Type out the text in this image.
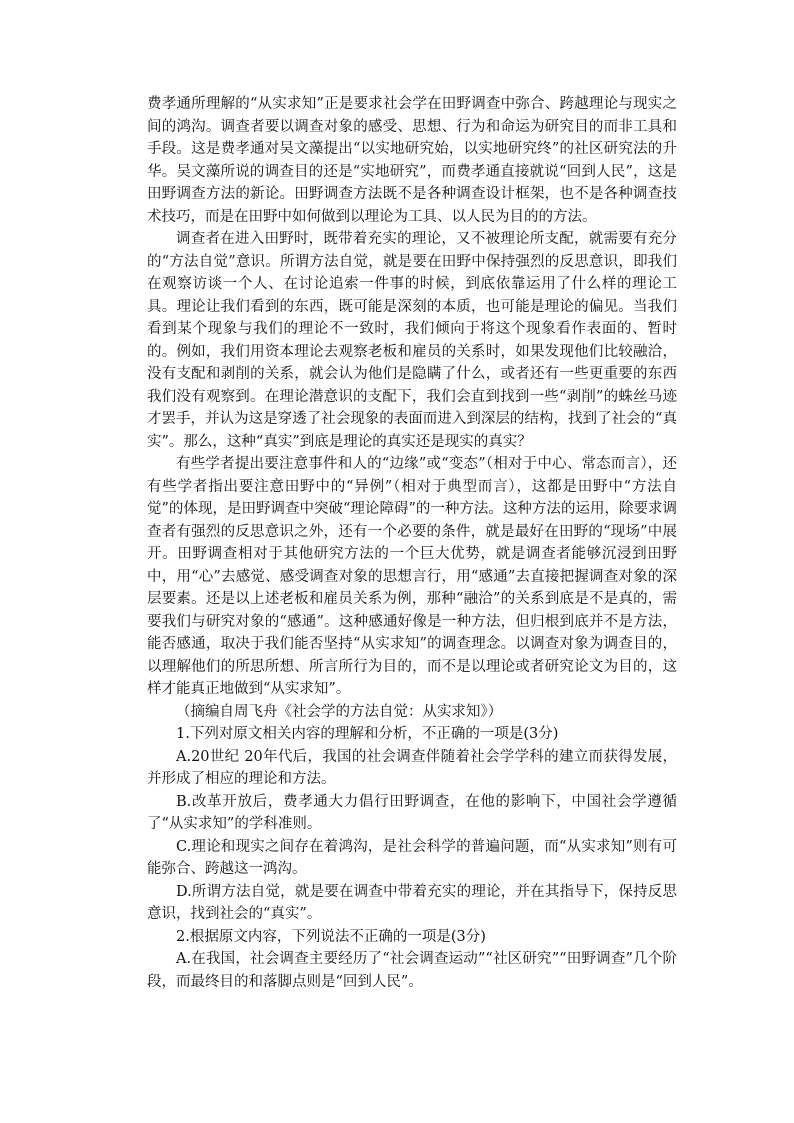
费孝通所理解的“从实求知”正是要求社会学在田野调查中弥合、跨越理论与现实之间的鸿沟。调查者要以调查对象的感受、思想、行为和命运为研究目的而非工具和手段。这是费孝通对吴文藻提出“以实地研究始，以实地研究终”的社区研究法的升华。吴文藻所说的调查目的还是“实地研究”，而费孝通直接就说“回到人民”，这是田野调查方法的新论。田野调查方法既不是各种调查设计框架，也不是各种调查技术技巧，而是在田野中如何做到以理论为工具、以人民为目的的方法。

调查者在进入田野时，既带着充实的理论，又不被理论所支配，就需要有充分的“方法自觉”意识。所谓方法自觉，就是要在田野中保持强烈的反思意识，即我们在观察访谈一个人、在讨论追索一件事的时候，到底依靠运用了什么样的理论工具。理论让我们看到的东西，既可能是深刻的本质，也可能是理论的偏见。当我们看到某个现象与我们的理论不一致时，我们倾向于将这个现象看作表面的、暂时的。例如，我们用资本理论去观察老板和雇员的关系时，如果发现他们比较融洽，没有支配和剥削的关系，就会认为他们是隐瞒了什么，或者还有一些更重要的东西我们没有观察到。在理论潜意识的支配下，我们会直到找到一些“剥削”的蛛丝马迹才罢手，并认为这是穿透了社会现象的表面而进入到深层的结构，找到了社会的“真实”。那么，这种“真实”到底是理论的真实还是现实的真实？

有些学者提出要注意事件和人的“边缘”或“变态”（相对于中心、常态而言），还有些学者指出要注意田野中的“异例”（相对于典型而言），这都是田野中“方法自觉”的体现，是田野调查中突破“理论障碍”的一种方法。这种方法的运用，除要求调查者有强烈的反思意识之外，还有一个必要的条件，就是最好在田野的“现场”中展开。田野调查相对于其他研究方法的一个巨大优势，就是调查者能够沉浸到田野中，用“心”去感觉、感受调查对象的思想言行，用“感通”去直接把握调查对象的深层要素。还是以上述老板和雇员关系为例，那种“融洽”的关系到底是不是真的，需要我们与研究对象的“感通”。这种感通好像是一种方法，但归根到底并不是方法，能否感通，取决于我们能否坚持“从实求知”的调查理念。以调查对象为调查目的，以理解他们的所思所想、所言所行为目的，而不是以理论或者研究论文为目的，这样才能真正地做到“从实求知”。

（摘编自周飞舟《社会学的方法自觉：从实求知》）

1.下列对原文相关内容的理解和分析，不正确的一项是(3分)

A.20世纪 20年代后，我国的社会调查伴随着社会学学科的建立而获得发展，并形成了相应的理论和方法。

B.改革开放后，费孝通大力倡行田野调查，在他的影响下，中国社会学遵循了“从实求知”的学科准则。

C.理论和现实之间存在着鸿沟，是社会科学的普遍问题，而“从实求知”则有可能弥合、跨越这一鸿沟。

D.所谓方法自觉，就是要在调查中带着充实的理论，并在其指导下，保持反思意识，找到社会的“真实”。

2.根据原文内容，下列说法不正确的一项是(3分)

A.在我国，社会调查主要经历了“社会调查运动”“社区研究”“田野调查”几个阶段，而最终目的和落脚点则是“回到人民”。
